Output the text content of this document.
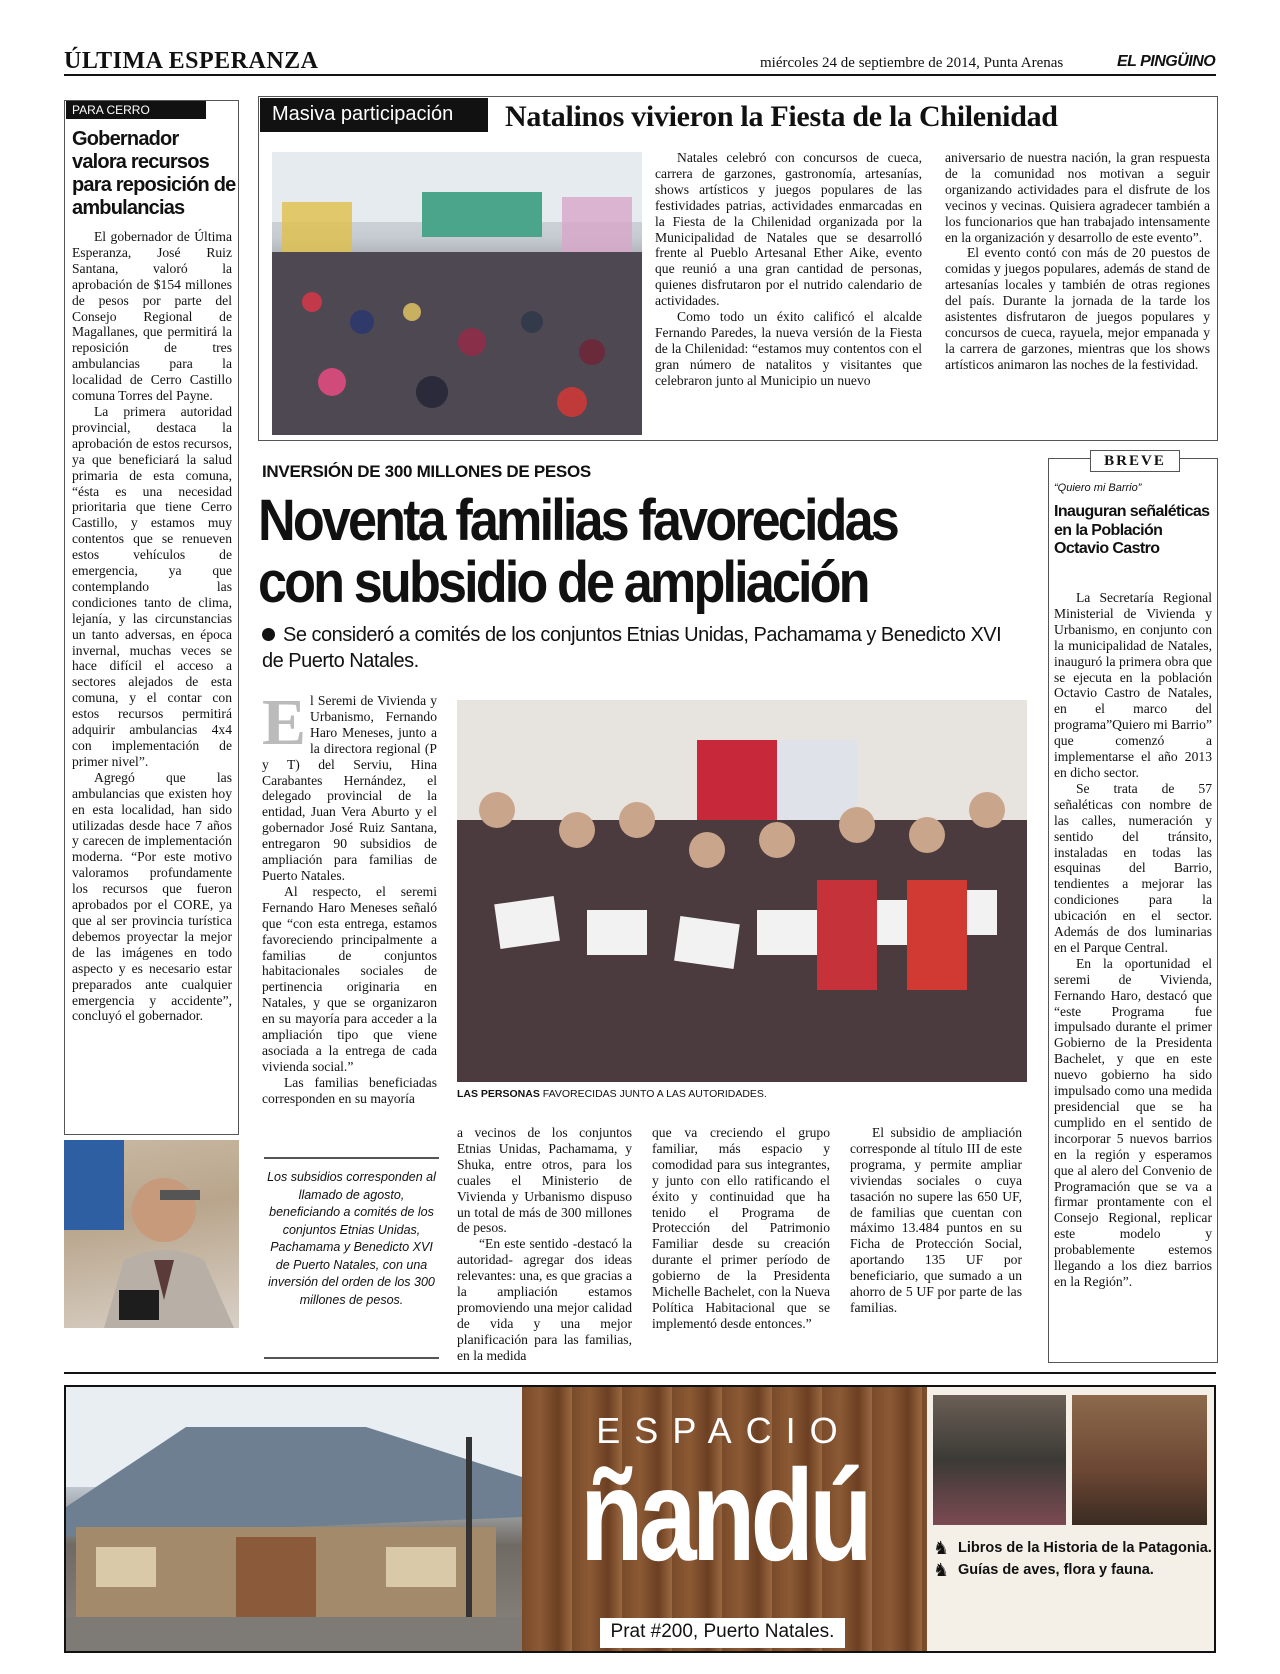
ÚLTIMA ESPERANZA	miércoles 24 de septiembre de 2014, Punta Arenas	EL PINGÜINO
PARA CERRO CASTILLO
Gobernador valora recursos para reposición de ambulancias

El gobernador de Última Esperanza, José Ruiz Santana, valoró la aprobación de $154 millones de pesos por parte del Consejo Regional de Magallanes, que permitirá la reposición de tres ambulancias para la localidad de Cerro Castillo comuna Torres del Payne.

La primera autoridad provincial, destaca la aprobación de estos recursos, ya que beneficiará la salud primaria de esta comuna, “ésta es una necesidad prioritaria que tiene Cerro Castillo, y estamos muy contentos que se renueven estos vehículos de emergencia, ya que contemplando las condiciones tanto de clima, lejanía, y las circunstancias un tanto adversas, en época invernal, muchas veces se hace difícil el acceso a sectores alejados de esta comuna, y el contar con estos recursos permitirá adquirir ambulancias 4x4 con implementación de primer nivel”.

Agregó que las ambulancias que existen hoy en esta localidad, han sido utilizadas desde hace 7 años y carecen de implementación moderna. “Por este motivo valoramos profundamente los recursos que fueron aprobados por el CORE, ya que al ser provincia turística debemos proyectar la mejor de las imágenes en todo aspecto y es necesario estar preparados ante cualquier emergencia y accidente”, concluyó el gobernador.

Masiva participación	Natalinos vivieron la Fiesta de la Chilenidad

Natales celebró con concursos de cueca, carrera de garzones, gastronomía, artesanías, shows artísticos y juegos populares de las festividades patrias, actividades enmarcadas en la Fiesta de la Chilenidad organizada por la Municipalidad de Natales que se desarrolló frente al Pueblo Artesanal Ether Aike, evento que reunió a una gran cantidad de personas, quienes disfrutaron por el nutrido calendario de actividades.

Como todo un éxito calificó el alcalde Fernando Paredes, la nueva versión de la Fiesta de la Chilenidad: “estamos muy contentos con el gran número de natalitos y visitantes que celebraron junto al Municipio un nuevo

aniversario de nuestra nación, la gran respuesta de la comunidad nos motivan a seguir organizando actividades para el disfrute de los vecinos y vecinas. Quisiera agradecer también a los funcionarios que han trabajado intensamente en la organización y desarrollo de este evento”.

El evento contó con más de 20 puestos de comidas y juegos populares, además de stand de artesanías locales y también de otras regiones del país. Durante la jornada de la tarde los asistentes disfrutaron de juegos populares y concursos de cueca, rayuela, mejor empanada y la carrera de garzones, mientras que los shows artísticos animaron las noches de la festividad.

INVERSIÓN DE 300 MILLONES DE PESOS
Noventa familias favorecidas
con subsidio de ampliación
Se consideró a comités de los conjuntos Etnias Unidas, Pachamama y Benedicto XVI de Puerto Natales.

El Seremi de Vivienda y Urbanismo, Fernando Haro Meneses, junto a la directora regional (P y T) del Serviu, Hina Carabantes Hernández, el delegado provincial de la entidad, Juan Vera Aburto y el gobernador José Ruiz Santana, entregaron 90 subsidios de ampliación para familias de Puerto Natales.

Al respecto, el seremi Fernando Haro Meneses señaló que “con esta entrega, estamos favoreciendo principalmente a familias de conjuntos habitacionales sociales de pertinencia originaria en Natales, y que se organizaron en su mayoría para acceder a la ampliación tipo que viene asociada a la entrega de cada vivienda social.”

Las familias beneficiadas corresponden en su mayoría	LAS PERSONAS FAVORECIDAS JUNTO A LAS AUTORIDADES.
Los subsidios corresponden al llamado de agosto, beneficiando a comités de los conjuntos Etnias Unidas, Pachamama y Benedicto XVI de Puerto Natales, con una inversión del orden de los 300 millones de pesos.

a vecinos de los conjuntos Etnias Unidas, Pachamama, y Shuka, entre otros, para los cuales el Ministerio de Vivienda y Urbanismo dispuso un total de más de 300 millones de pesos.

“En este sentido -destacó la autoridad- agregar dos ideas relevantes: una, es que gracias a la ampliación estamos promoviendo una mejor calidad de vida y una mejor planificación para las familias, en la medida

que va creciendo el grupo familiar, más espacio y comodidad para sus integrantes, y junto con ello ratificando el éxito y continuidad que ha tenido el Programa de Protección del Patrimonio Familiar desde su creación durante el primer período de gobierno de la Presidenta Michelle Bachelet, con la Nueva Política Habitacional que se implementó desde entonces.”

El subsidio de ampliación corresponde al título III de este programa, y permite ampliar viviendas sociales o cuya tasación no supere las 650 UF, de familias que cuentan con máximo 13.484 puntos en su Ficha de Protección Social, aportando 135 UF por beneficiario, que sumado a un ahorro de 5 UF por parte de las familias.

BREVE
“Quiero mi Barrio”
Inauguran señaléticas en la Población Octavio Castro

La Secretaría Regional Ministerial de Vivienda y Urbanismo, en conjunto con la municipalidad de Natales, inauguró la primera obra que se ejecuta en la población Octavio Castro de Natales, en el marco del programa”Quiero mi Barrio” que comenzó a implementarse el año 2013 en dicho sector.

Se trata de 57 señaléticas con nombre de las calles, numeración y sentido del tránsito, instaladas en todas las esquinas del Barrio, tendientes a mejorar las condiciones para la ubicación en el sector. Además de dos luminarias en el Parque Central.

En la oportunidad el seremi de Vivienda, Fernando Haro, destacó que “este Programa fue impulsado durante el primer Gobierno de la Presidenta Bachelet, y que en este nuevo gobierno ha sido impulsado como una medida presidencial que se ha cumplido en el sentido de incorporar 5 nuevos barrios en la región y esperamos que al alero del Convenio de Programación que se va a firmar prontamente con el Consejo Regional, replicar este modelo y probablemente estemos llegando a los diez barrios en la Región”.

ESPACIO
ñandú
Prat #200, Puerto Natales.
♞
♞
Libros de la Historia de la Patagonia.
Guías de aves, flora y fauna.
